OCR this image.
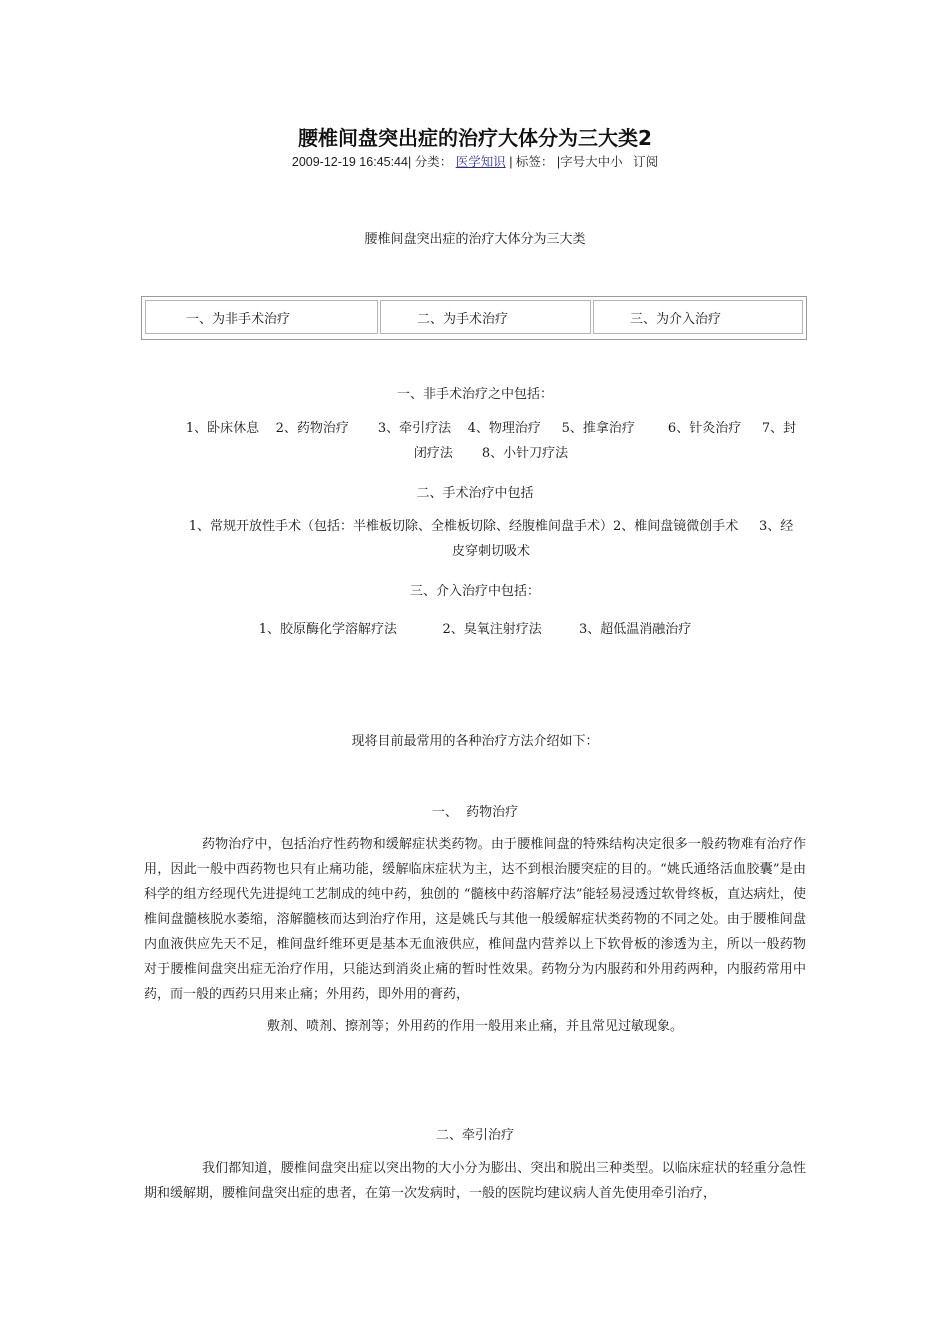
腰椎间盘突出症的治疗大体分为三大类2
2009-12-19 16:45:44| 分类： 医学知识 | 标签： |字号大中小 订阅
腰椎间盘突出症的治疗大体分为三大类
一、为非手术治疗	二、为手术治疗	三、为介入治疗
一、非手术治疗之中包括：
1、卧床休息    2、药物治疗       3、牵引疗法    4、物理治疗     5、推拿治疗        6、针灸治疗     7、封
闭疗法       8、小针刀疗法
二、手术治疗中包括
1、常规开放性手术（包括：半椎板切除、全椎板切除、经腹椎间盘手术）2、椎间盘镜微创手术     3、经
皮穿刺切吸术
三、介入治疗中包括：
1、胶原酶化学溶解疗法           2、臭氧注射疗法         3、超低温消融治疗
现将目前最常用的各种治疗方法介绍如下：
一、  药物治疗
药物治疗中，包括治疗性药物和缓解症状类药物。由于腰椎间盘的特殊结构决定很多一般药物难有治疗作用，因此一般中西药物也只有止痛功能，缓解临床症状为主，达不到根治腰突症的目的。“姚氏通络活血胶囊”是由科学的组方经现代先进提纯工艺制成的纯中药，独创的 “髓核中药溶解疗法”能轻易浸透过软骨终板，直达病灶，使椎间盘髓核脱水萎缩，溶解髓核而达到治疗作用，这是姚氏与其他一般缓解症状类药物的不同之处。由于腰椎间盘内血液供应先天不足，椎间盘纤维环更是基本无血液供应，椎间盘内营养以上下软骨板的渗透为主，所以一般药物对于腰椎间盘突出症无治疗作用，只能达到消炎止痛的暂时性效果。药物分为内服药和外用药两种，内服药常用中药，而一般的西药只用来止痛；外用药，即外用的膏药，
敷剂、喷剂、擦剂等；外用药的作用一般用来止痛，并且常见过敏现象。
二、牵引治疗
我们都知道，腰椎间盘突出症以突出物的大小分为膨出、突出和脱出三种类型。以临床症状的轻重分急性期和缓解期，腰椎间盘突出症的患者，在第一次发病时，一般的医院均建议病人首先使用牵引治疗，
